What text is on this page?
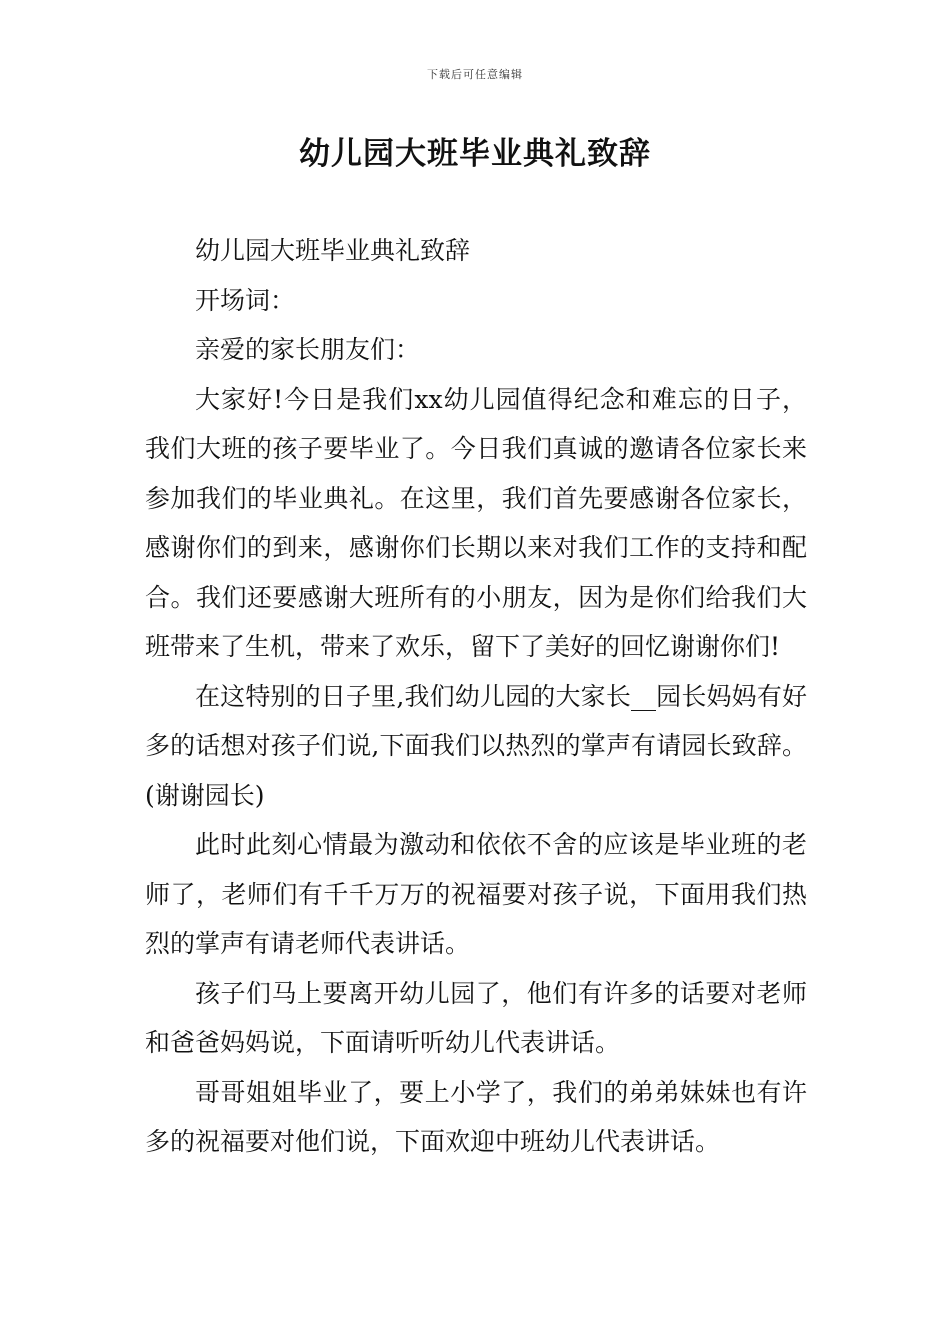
下载后可任意编辑
幼儿园大班毕业典礼致辞

幼儿园大班毕业典礼致辞

开场词：

亲爱的家长朋友们：

大家好!今日是我们xx幼儿园值得纪念和难忘的日子，我们大班的孩子要毕业了。今日我们真诚的邀请各位家长来参加我们的毕业典礼。在这里，我们首先要感谢各位家长，感谢你们的到来，感谢你们长期以来对我们工作的支持和配合。我们还要感谢大班所有的小朋友，因为是你们给我们大班带来了生机，带来了欢乐，留下了美好的回忆谢谢你们!

在这特别的日子里,我们幼儿园的大家长__园长妈妈有好多的话想对孩子们说,下面我们以热烈的掌声有请园长致辞。(谢谢园长)

此时此刻心情最为激动和依依不舍的应该是毕业班的老师了，老师们有千千万万的祝福要对孩子说，下面用我们热烈的掌声有请老师代表讲话。

孩子们马上要离开幼儿园了，他们有许多的话要对老师和爸爸妈妈说，下面请听听幼儿代表讲话。

哥哥姐姐毕业了，要上小学了，我们的弟弟妹妹也有许多的祝福要对他们说，下面欢迎中班幼儿代表讲话。
